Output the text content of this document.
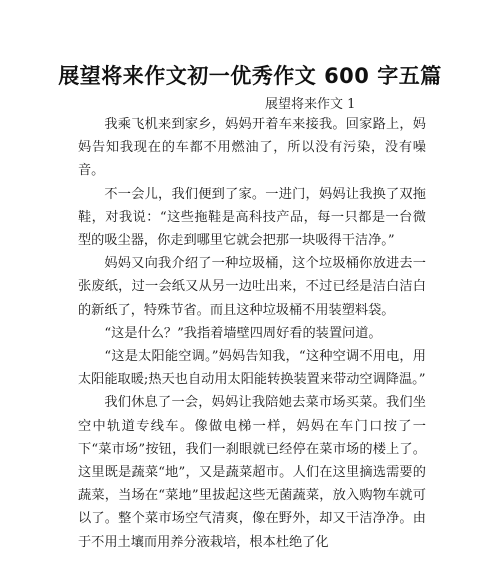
展望将来作文初一优秀作文 600 字五篇
展望将来作文 1

我乘飞机来到家乡，妈妈开着车来接我。回家路上，妈妈告知我现在的车都不用燃油了，所以没有污染，没有噪音。

不一会儿，我们便到了家。一进门，妈妈让我换了双拖鞋，对我说：“这些拖鞋是高科技产品，每一只都是一台微型的吸尘器，你走到哪里它就会把那一块吸得干洁净。”

妈妈又向我介绍了一种垃圾桶，这个垃圾桶你放进去一张废纸，过一会纸又从另一边吐出来，不过已经是洁白洁白的新纸了，特殊节省。而且这种垃圾桶不用装塑料袋。

“这是什么？”我指着墙壁四周好看的装置问道。

“这是太阳能空调。”妈妈告知我，“这种空调不用电，用太阳能取暖;热天也自动用太阳能转换装置来带动空调降温。”

我们休息了一会，妈妈让我陪她去菜市场买菜。我们坐空中轨道专线车。像做电梯一样，妈妈在车门口按了一下“菜市场”按钮，我们一刹眼就已经停在菜市场的楼上了。这里既是蔬菜“地”，又是蔬菜超市。人们在这里摘选需要的蔬菜，当场在“菜地”里拔起这些无菌蔬菜，放入购物车就可以了。整个菜市场空气清爽，像在野外，却又干洁净净。由于不用土壤而用养分液栽培，根本杜绝了化
